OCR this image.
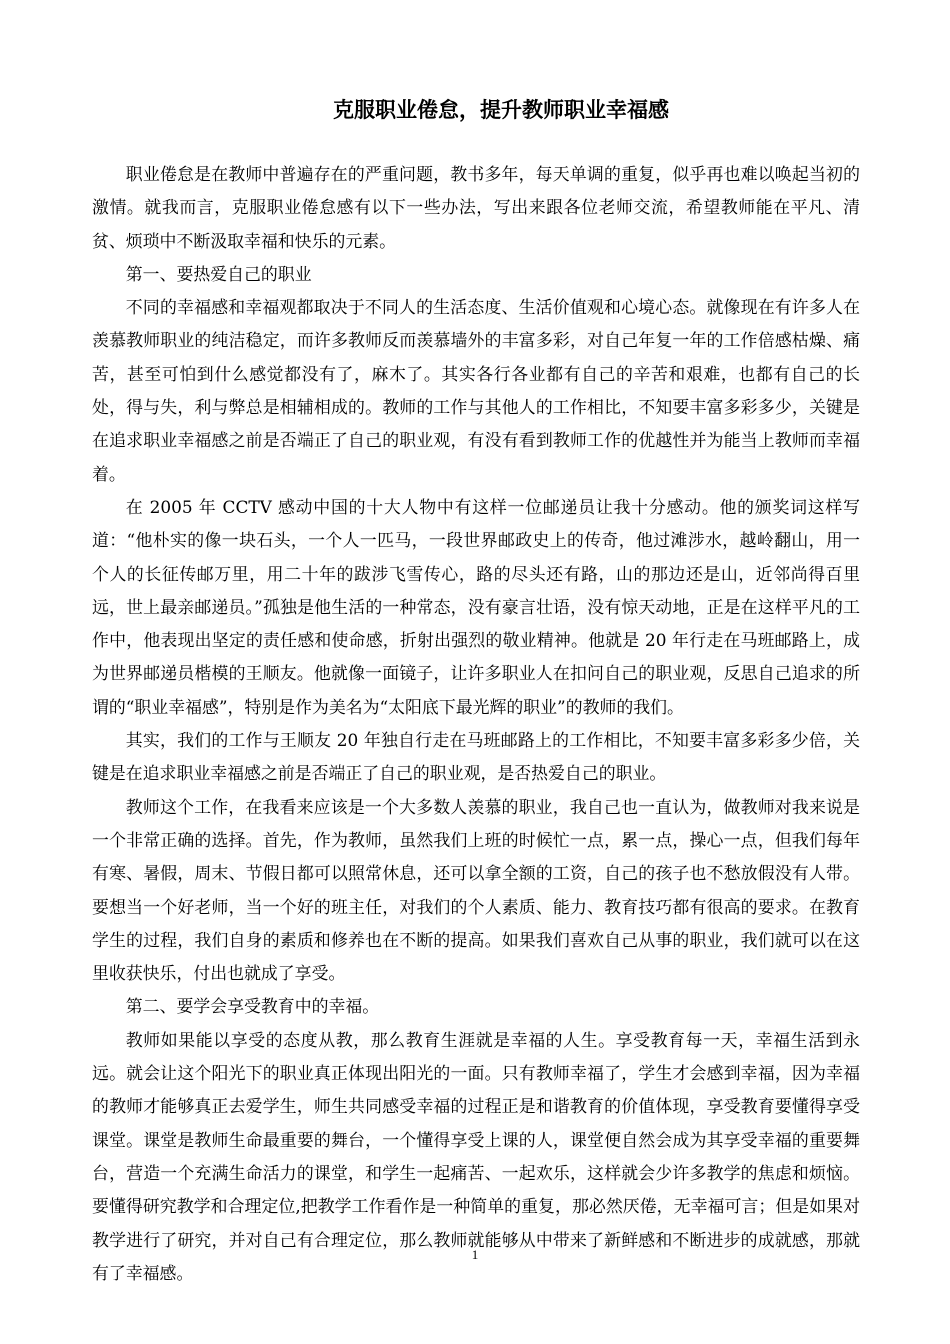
克服职业倦怠，提升教师职业幸福感

职业倦怠是在教师中普遍存在的严重问题，教书多年，每天单调的重复，似乎再也难以唤起当初的激情。就我而言，克服职业倦怠感有以下一些办法，写出来跟各位老师交流，希望教师能在平凡、清贫、烦琐中不断汲取幸福和快乐的元素。

第一、要热爱自己的职业

不同的幸福感和幸福观都取决于不同人的生活态度、生活价值观和心境心态。就像现在有许多人在羡慕教师职业的纯洁稳定，而许多教师反而羡慕墙外的丰富多彩，对自己年复一年的工作倍感枯燥、痛苦，甚至可怕到什么感觉都没有了，麻木了。其实各行各业都有自己的辛苦和艰难，也都有自己的长处，得与失，利与弊总是相辅相成的。教师的工作与其他人的工作相比，不知要丰富多彩多少，关键是在追求职业幸福感之前是否端正了自己的职业观，有没有看到教师工作的优越性并为能当上教师而幸福着。

在 2005 年 CCTV 感动中国的十大人物中有这样一位邮递员让我十分感动。他的颁奖词这样写道：“他朴实的像一块石头，一个人一匹马，一段世界邮政史上的传奇，他过滩涉水，越岭翻山，用一个人的长征传邮万里，用二十年的跋涉飞雪传心，路的尽头还有路，山的那边还是山，近邻尚得百里远，世上最亲邮递员。”孤独是他生活的一种常态，没有豪言壮语，没有惊天动地，正是在这样平凡的工作中，他表现出坚定的责任感和使命感，折射出强烈的敬业精神。他就是 20 年行走在马班邮路上，成为世界邮递员楷模的王顺友。他就像一面镜子，让许多职业人在扣问自己的职业观，反思自己追求的所谓的“职业幸福感”，特别是作为美名为“太阳底下最光辉的职业”的教师的我们。

其实，我们的工作与王顺友 20 年独自行走在马班邮路上的工作相比，不知要丰富多彩多少倍，关键是在追求职业幸福感之前是否端正了自己的职业观，是否热爱自己的职业。

教师这个工作，在我看来应该是一个大多数人羡慕的职业，我自己也一直认为，做教师对我来说是一个非常正确的选择。首先，作为教师，虽然我们上班的时候忙一点，累一点，操心一点，但我们每年有寒、暑假，周末、节假日都可以照常休息，还可以拿全额的工资，自己的孩子也不愁放假没有人带。要想当一个好老师，当一个好的班主任，对我们的个人素质、能力、教育技巧都有很高的要求。在教育学生的过程，我们自身的素质和修养也在不断的提高。如果我们喜欢自己从事的职业，我们就可以在这里收获快乐，付出也就成了享受。

第二、要学会享受教育中的幸福。

教师如果能以享受的态度从教，那么教育生涯就是幸福的人生。享受教育每一天，幸福生活到永远。就会让这个阳光下的职业真正体现出阳光的一面。只有教师幸福了，学生才会感到幸福，因为幸福的教师才能够真正去爱学生，师生共同感受幸福的过程正是和谐教育的价值体现，享受教育要懂得享受课堂。课堂是教师生命最重要的舞台，一个懂得享受上课的人，课堂便自然会成为其享受幸福的重要舞台，营造一个充满生命活力的课堂，和学生一起痛苦、一起欢乐，这样就会少许多教学的焦虑和烦恼。要懂得研究教学和合理定位,把教学工作看作是一种简单的重复，那必然厌倦，无幸福可言；但是如果对教学进行了研究，并对自己有合理定位，那么教师就能够从中带来了新鲜感和不断进步的成就感，那就有了幸福感。

1
